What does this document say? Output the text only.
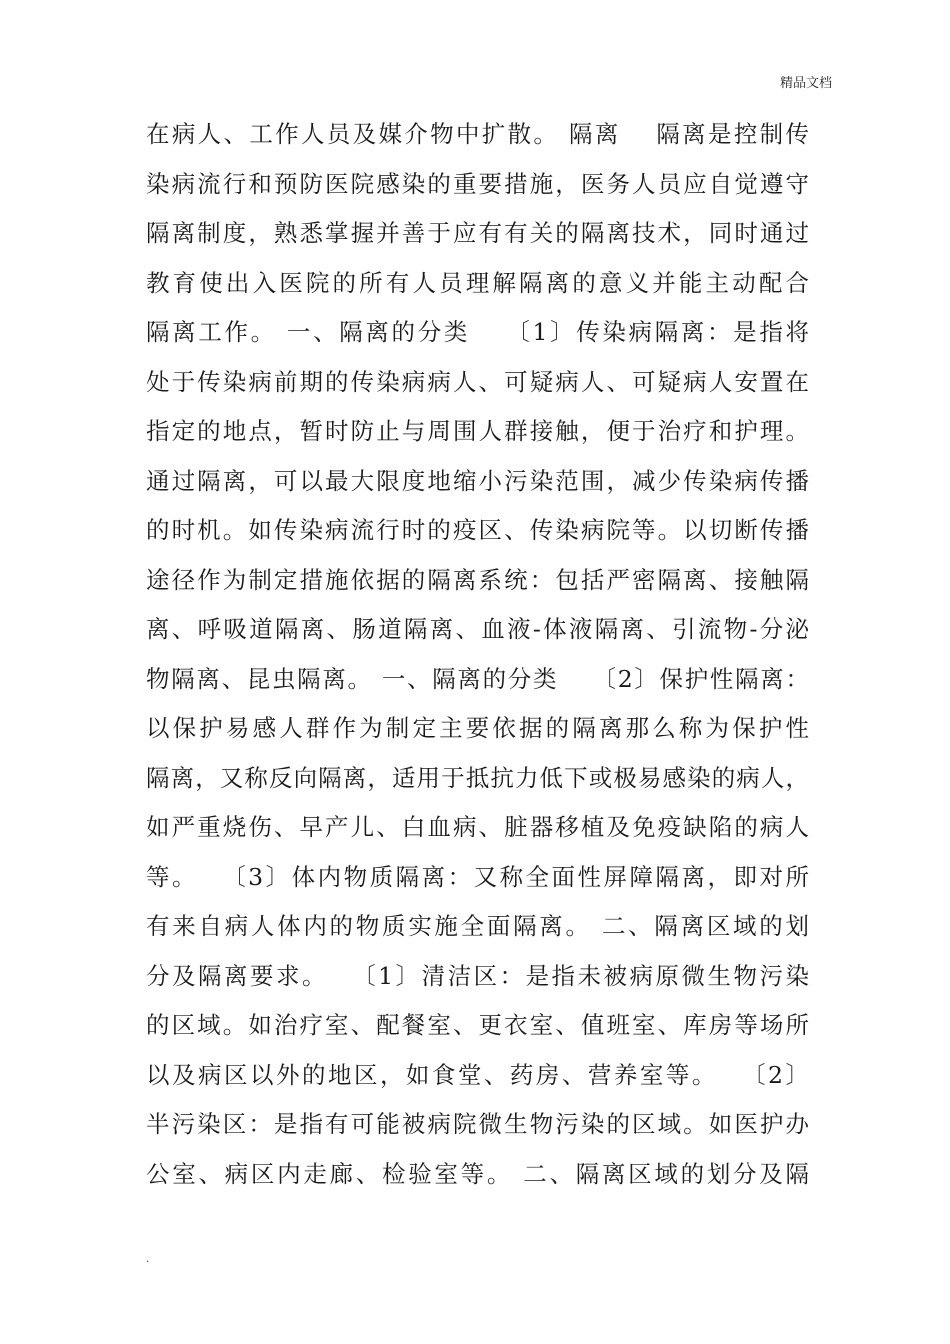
精品文档
在病人、工作人员及媒介物中扩散。 隔离　 隔离是控制传
染病流行和预防医院感染的重要措施，医务人员应自觉遵守
隔离制度，熟悉掌握并善于应有有关的隔离技术，同时通过
教育使出入医院的所有人员理解隔离的意义并能主动配合
隔离工作。 一、隔离的分类　 〔1〕传染病隔离：是指将
处于传染病前期的传染病病人、可疑病人、可疑病人安置在
指定的地点，暂时防止与周围人群接触，便于治疗和护理。
通过隔离，可以最大限度地缩小污染范围，减少传染病传播
的时机。如传染病流行时的疫区、传染病院等。以切断传播
途径作为制定措施依据的隔离系统：包括严密隔离、接触隔
离、呼吸道隔离、肠道隔离、血液-体液隔离、引流物-分泌
物隔离、昆虫隔离。 一、隔离的分类　 〔2〕保护性隔离：
以保护易感人群作为制定主要依据的隔离那么称为保护性
隔离，又称反向隔离，适用于抵抗力低下或极易感染的病人，
如严重烧伤、早产儿、白血病、脏器移植及免疫缺陷的病人
等。　 〔3〕体内物质隔离：又称全面性屏障隔离，即对所
有来自病人体内的物质实施全面隔离。 二、隔离区域的划
分及隔离要求。　 〔1〕清洁区：是指未被病原微生物污染
的区域。如治疗室、配餐室、更衣室、值班室、库房等场所
以及病区以外的地区，如食堂、药房、营养室等。　 〔2〕
半污染区：是指有可能被病院微生物污染的区域。如医护办
公室、病区内走廊、检验室等。 二、隔离区域的划分及隔
.
